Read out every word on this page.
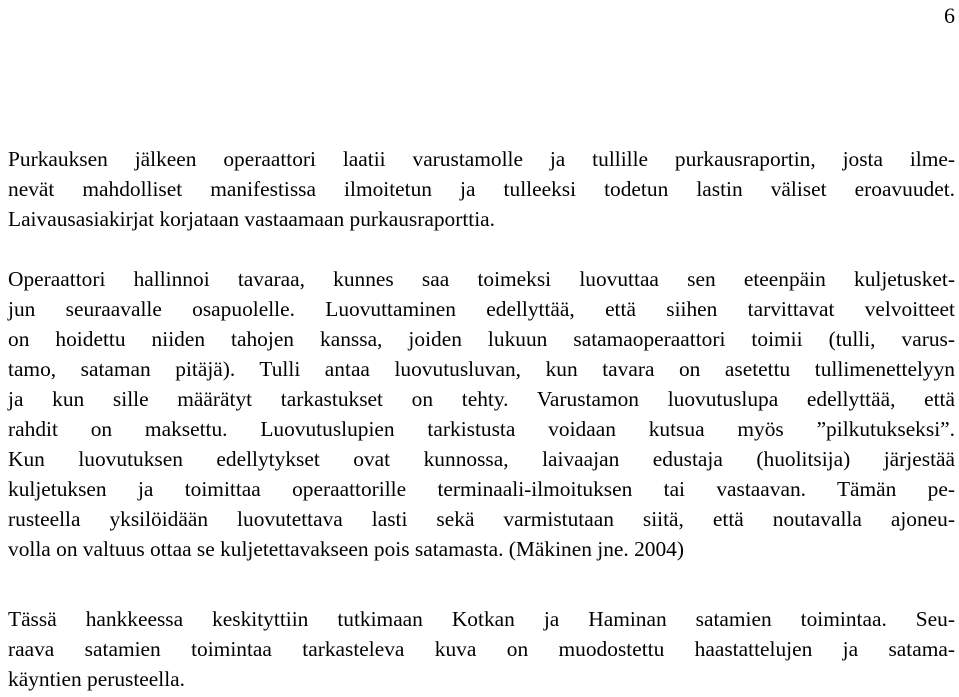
6
Purkauksen jälkeen operaattori laatii varustamolle ja tullille purkausraportin, josta ilme-
nevät mahdolliset manifestissa ilmoitetun ja tulleeksi todetun lastin väliset eroavuudet.
Laivausasiakirjat korjataan vastaamaan purkausraporttia.
Operaattori hallinnoi tavaraa, kunnes saa toimeksi luovuttaa sen eteenpäin kuljetusket-
jun seuraavalle osapuolelle. Luovuttaminen edellyttää, että siihen tarvittavat velvoitteet
on hoidettu niiden tahojen kanssa, joiden lukuun satamaoperaattori toimii (tulli, varus-
tamo, sataman pitäjä). Tulli antaa luovutusluvan, kun tavara on asetettu tullimenettelyyn
ja kun sille määrätyt tarkastukset on tehty. Varustamon luovutuslupa edellyttää, että
rahdit on maksettu. Luovutuslupien tarkistusta voidaan kutsua myös ”pilkutukseksi”.
Kun luovutuksen edellytykset ovat kunnossa, laivaajan edustaja (huolitsija) järjestää
kuljetuksen ja toimittaa operaattorille terminaali-ilmoituksen tai vastaavan. Tämän pe-
rusteella yksilöidään luovutettava lasti sekä varmistutaan siitä, että noutavalla ajoneu-
volla on valtuus ottaa se kuljetettavakseen pois satamasta. (Mäkinen jne. 2004)
Tässä hankkeessa keskityttiin tutkimaan Kotkan ja Haminan satamien toimintaa. Seu-
raava satamien toimintaa tarkasteleva kuva on muodostettu haastattelujen ja satama-
käyntien perusteella.
